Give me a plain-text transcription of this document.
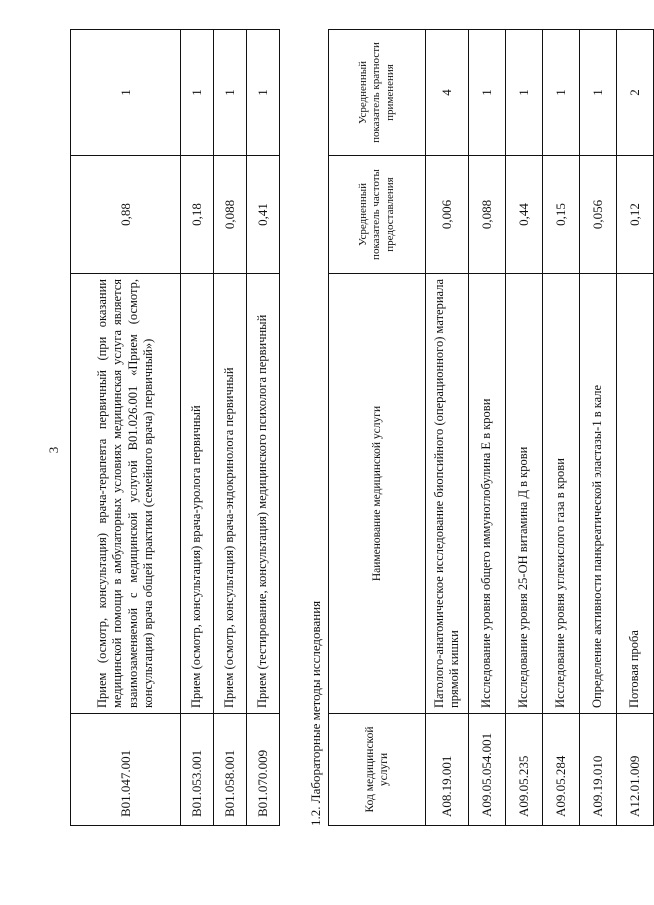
3
B01.047.001	Прием (осмотр, консультация) врача-терапевта первичный (при оказании медицинской помощи в амбулаторных условиях медицинская услуга является взаимозаменяемой с медицинской услугой B01.026.001 «Прием (осмотр, консультация) врача общей практики (семейного врача) первичный»)	0,88	1
B01.053.001	Прием (осмотр, консультация) врача-уролога первичный	0,18	1
B01.058.001	Прием (осмотр, консультация) врача-эндокринолога первичный	0,088	1
B01.070.009	Прием (тестирование, консультация) медицинского психолога первичный	0,41	1
1.2. Лабораторные методы исследования	Код медицинской услуги	Наименование медицинской услуги	Усредненный показатель частоты предоставления	Усредненный показатель кратности применения
A08.19.001	Патолого-анатомическое исследование биопсийного (операционного) материала прямой кишки	0,006	4
A09.05.054.001	Исследование уровня общего иммуноглобулина E в крови	0,088	1
A09.05.235	Исследование уровня 25-ОН витамина Д в крови	0,44	1
A09.05.284	Исследование уровня углекислого газа в крови	0,15	1
A09.19.010	Определение активности панкреатической эластазы-1 в кале	0,056	1
A12.01.009	Потовая проба	0,12	2
